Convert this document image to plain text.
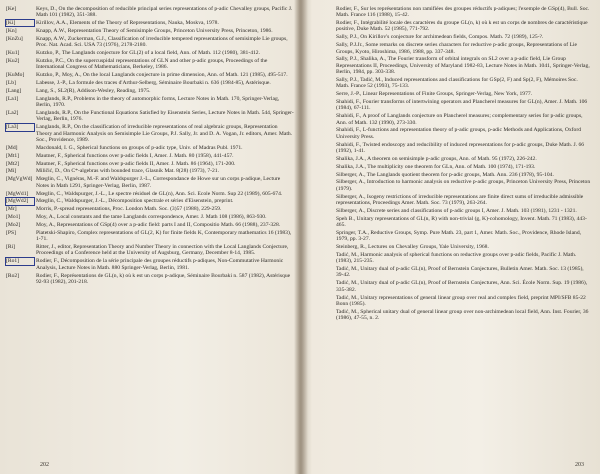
[Ke]	Keys, D., On the decomposition of reducible principal series representations of p-adic Chevalley groups, Pacific J. Math 101 (1982), 351-388.
[Ki]	Kirillov, A.A., Elements of the Theory of Representations, Nauka, Moskva, 1978.
[Kn]	Knapp, A.W., Representation Theory of Semisimple Groups, Princeton University Press, Princeton, 1986.
[KnZu]	Knapp, A.W., Zuckerman, G.J., Classification of irreducible tempered representations of semisimple Lie groups, Proc. Nat. Acad. Sci. USA 73 (1976), 2178-2180.
[Ku1]	Kutzko, P., The Langlands conjecture for GL(2) of a local field, Ann. of Math. 112 (1980), 381-412.
[Ku2]	Kutzko, P.C., On the supercuspidal representations of GLN and other p-adic groups, Proceedings of the International Congress of Mathematicians, Berkeley, 1986.
[KuMo]	Kutzko, P., Moy, A., On the local Langlands conjecture in prime dimension, Ann. of Math. 121 (1985), 495-517.
[Lb]	Labesse, J.-P., La formule des traces d'Arthur-Selberg, Séminaire Bourbaki n. 636 (1984-85), Astérisque.
[Lang]	Lang, S., SL2(R), Addison-Wesley, Reading, 1975.
[La1]	Langlands, R.P., Problems in the theory of automorphic forms, Lecture Notes in Math. 170, Springer-Verlag, Berlin, 1970.
[La2]	Langlands, R.P., On the Functional Equations Satisfied by Eisenstein Series, Lecture Notes in Math. 544, Springer-Verlag, Berlin, 1976.
[La3]	Langlands, R.P., On the classification of irreducible representations of real algebraic groups, Representation Theory and Harmonic Analysis on Semisimple Lie Groups, P.J. Sally, Jr. and D. A. Vogan, Jr. editors, Amer. Math. Soc., Providence, 1989.
[Md]	Macdonald, I. G., Spherical functions on groups of p-adic type, Univ. of Madras Publ. 1971.
[Mt1]	Mautner, F., Spherical functions over p-adic fields I, Amer. J. Math. 80 (1958), 441-457.
[Mt2]	Mautner, F., Spherical functions over p-adic fields II, Amer. J. Math. 86 (1964), 171-200.
[Mi]	Miličić, D., On C*-algebras with bounded trace, Glasnik Mat. 8(28) (1973), 7-21.
[MgVgWd] Mœglin, C., Vignéras, M.-F. and Waldspurger J.-L., Correspondance de Howe sur un corps p-adique, Lecture Notes in Math 1291, Springer-Verlag, Berlin, 1987.
[MgWd1]	Mœglin, C., Waldspurger, J.-L., Le spectre résiduel de GL(n), Ann. Sci. Ecole Norm. Sup 22 (1989), 605-674.
[MgWd2]	Mœglin, C., Waldspurger, J.-L., Décomposition spectrale et séries d'Eisenstein, preprint.
[Mr]	Morris, P.-spread representations, Proc. London Math. Soc. (3)57 (1988), 229-259.
[Mo1]	Moy, A., Local constants and the tame Langlands correspondence, Amer. J. Math 108 (1986), 863-930.
[Mo2]	Moy, A., Representations of GSp(4) over a p-adic field: parts I and II, Compositio Math. 66 (1988), 237-328.
[PS]	Piatetski-Shapiro, Complex representations of GL(2, K) for finite fields K, Contemporary mathematics 16 (1983), 1-71.
[Ri]	Ritter, J., editor, Representation Theory and Number Theory in connection with the Local Langlands Conjecture, Proceedings of a Conference held at the University of Augsburg, Germany, December 8-14, 1985.
[Ro1]	Rodier, F., Décomposition de la série principale des groupes réductifs p-adiques, Non-Commutative Harmonic Analysis, Lecture Notes in Math. 880 Springer-Verlag, Berlin, 1981.
[Ro2]	Rodier, F., Représentations de GL(n, k) où k est un corps p-adique, Séminaire Bourbaki n. 587 (1982), Astérisque 92-93 (1982), 201-218.
202
Rodier, F., Sur les représentations non ramifiées des groupes réductifs p-adiques; l'exemple de GSp(4), Bull. Soc. Math. France 116 (1988), 15-42.
Rodier, F., Intégrabilité locale des caractères du groupe GL(n, k) où k est un corps de nombres de caractéristique positive, Duke Math. 52 (1985), 771-792.
Sally, P.J., On Kirillov's conjecture for archimedean fields, Compos. Math. 72 (1989), 125-?.
Sally, P.J.Jr., Some remarks on discrete series characters for reductive p-adic groups, Representations of Lie Groups, Kyoto, Hiroshima, 1986, 1988, pp. 337-348.
Sally, P.J., Shalika, A., The Fourier transform of orbital integrals on SL2 over a p-adic field, Lie Group Representations II, Proceedings, University of Maryland 1982-83, Lecture Notes in Math. 1041, Springer-Verlag, Berlin, 1984, pp. 303-338.
Sally, P.J., Tadić, M., Induced representations and classifications for GSp(2, F) and Sp(2, F), Mémoires Soc. Math. France 52 (1993), 75-133.
Serre, J.-P., Linear Representations of Finite Groups, Springer-Verlag, New York, 1977.
Shahidi, F., Fourier transforms of intertwining operators and Plancherel measures for GL(n), Amer. J. Math. 106 (1984), 67-111.
Shahidi, F., A proof of Langlands conjecture on Plancherel measures; complementary series for p-adic groups, Ann. of Math. 132 (1990), 273-330.
Shahidi, F., L-functions and representation theory of p-adic groups, p-adic Methods and Applications, Oxford University Press.
Shahidi, F., Twisted endoscopy and reducibility of induced representations for p-adic groups, Duke Math. J. 66 (1992), 1-41.
Shalika, J.A., A theorem on semisimple p-adic groups, Ann. of Math. 95 (1972), 226-242.
Shalika, J.A., The multiplicity one theorem for GLn, Ann. of Math. 100 (1974), 171-193.
Silberger, A., The Langlands quotient theorem for p-adic groups, Math. Ann. 236 (1978), 95-104.
Silberger, A., Introduction to harmonic analysis on reductive p-adic groups, Princeton University Press, Princeton (1979).
Silberger, A., Isogeny restrictions of irreducible representations are finite direct sums of irreducible admissible representations, Proceedings Amer. Math. Soc. 73 (1979), 263-264.
Silberger, A., Discrete series and classifications of p-adic groups I, Amer. J. Math. 103 (1981), 1231 - 1321.
Speh B., Unitary representations of GL(n, R) with non-trivial (g, K)-cohomology, Invent. Math. 71 (1983), 443-465.
Springer, T.A., Reductive Groups, Symp. Pure Math. 23, part 1, Amer. Math. Soc., Providence, Rhode Island, 1979, pp. 3-27.
Steinberg, R., Lectures on Chevalley Groups, Yale University, 1968.
Tadić, M., Harmonic analysis of spherical functions on reductive groups over p-adic fields, Pacific J. Math. (1983), 215-235.
Tadić, M., Unitary dual of p-adic GL(n), Proof of Bernstein Conjectures, Bulletin Amer. Math. Soc. 13 (1985), 39-42.
Tadić, M., Unitary dual of p-adic GL(n), Proof of Bernstein Conjectures, Ann. Sci. École Norm. Sup. 19 (1986), 335-382.
Tadić, M., Unitary representations of general linear group over real and complex field, preprint MPI/SFB 85-22 Bonn (1985).
Tadić, M., Spherical unitary dual of general linear group over non-archimedean local field, Ann. Inst. Fourier, 36 (1986), 47-55, n. 2.
203
